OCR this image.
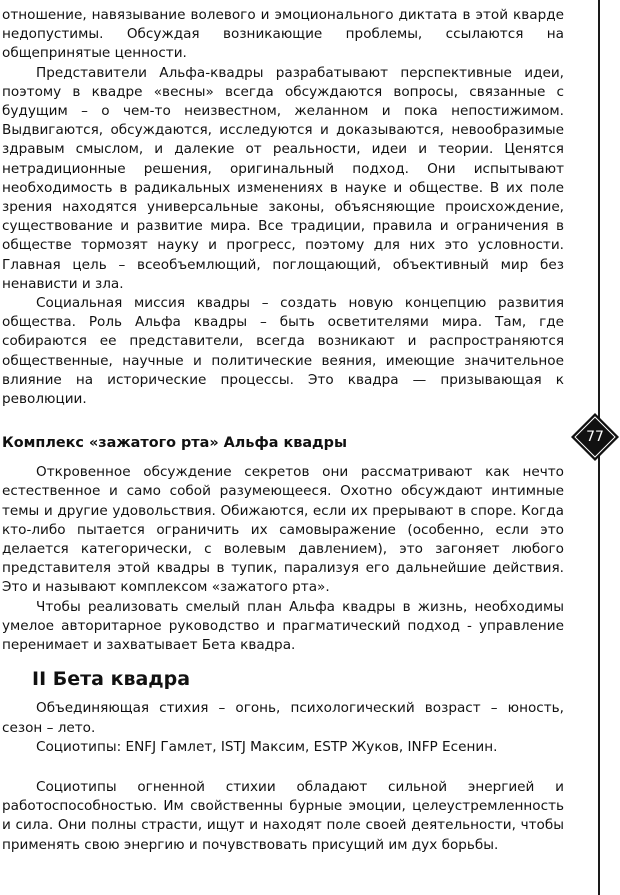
отношение, навязывание волевого и эмоционального диктата в этой кварде недопустимы. Обсуждая возникающие проблемы, ссылаются на общепринятые ценности.

Представители Альфа-квадры разрабатывают перспективные идеи, поэтому в квадре «весны» всегда обсуждаются вопросы, связанные с будущим – о чем-то неизвестном, желанном и пока непостижимом. Выдвигаются, обсуждаются, исследуются и доказываются, невообразимые здравым смыслом, и далекие от реальности, идеи и теории. Ценятся нетрадиционные решения, оригинальный подход. Они испытывают необходимость в радикальных изменениях в науке и обществе. В их поле зрения находятся универсальные законы, объясняющие происхождение, существование и развитие мира. Все традиции, правила и ограничения в обществе тормозят науку и прогресс, поэтому для них это условности. Главная цель – всеобъемлющий, поглощающий, объективный мир без ненависти и зла.

Социальная миссия квадры – создать новую концепцию развития общества. Роль Альфа квадры – быть осветителями мира. Там, где собираются ее представители, всегда возникают и распространяются общественные, научные и политические веяния, имеющие значительное влияние на исторические процессы. Это квадра — призывающая к революции.

Комплекс «зажатого рта» Альфа квадры

Откровенное обсуждение секретов они рассматривают как нечто естественное и само собой разумеющееся. Охотно обсуждают интимные темы и другие удовольствия. Обижаются, если их прерывают в споре. Когда кто-либо пытается ограничить их самовыражение (особенно, если это делается категорически, с волевым давлением), это загоняет любого представителя этой квадры в тупик, парализуя его дальнейшие действия. Это и называют комплексом «зажатого рта».

Чтобы реализовать смелый план Альфа квадры в жизнь, необходимы умелое авторитарное руководство и прагматический подход - управление перенимает и захватывает Бета квадра.

II Бета квадра

Объединяющая стихия – огонь, психологический возраст – юность, сезон – лето.

Социотипы: ENFJ Гамлет, ISTJ Максим, ESTP Жуков, INFP Есенин.

Социотипы огненной стихии обладают сильной энергией и работоспособностью. Им свойственны бурные эмоции, целеустремленность и сила. Они полны страсти, ищут и находят поле своей деятельности, чтобы применять свою энергию и почувствовать присущий им дух борьбы.

77
